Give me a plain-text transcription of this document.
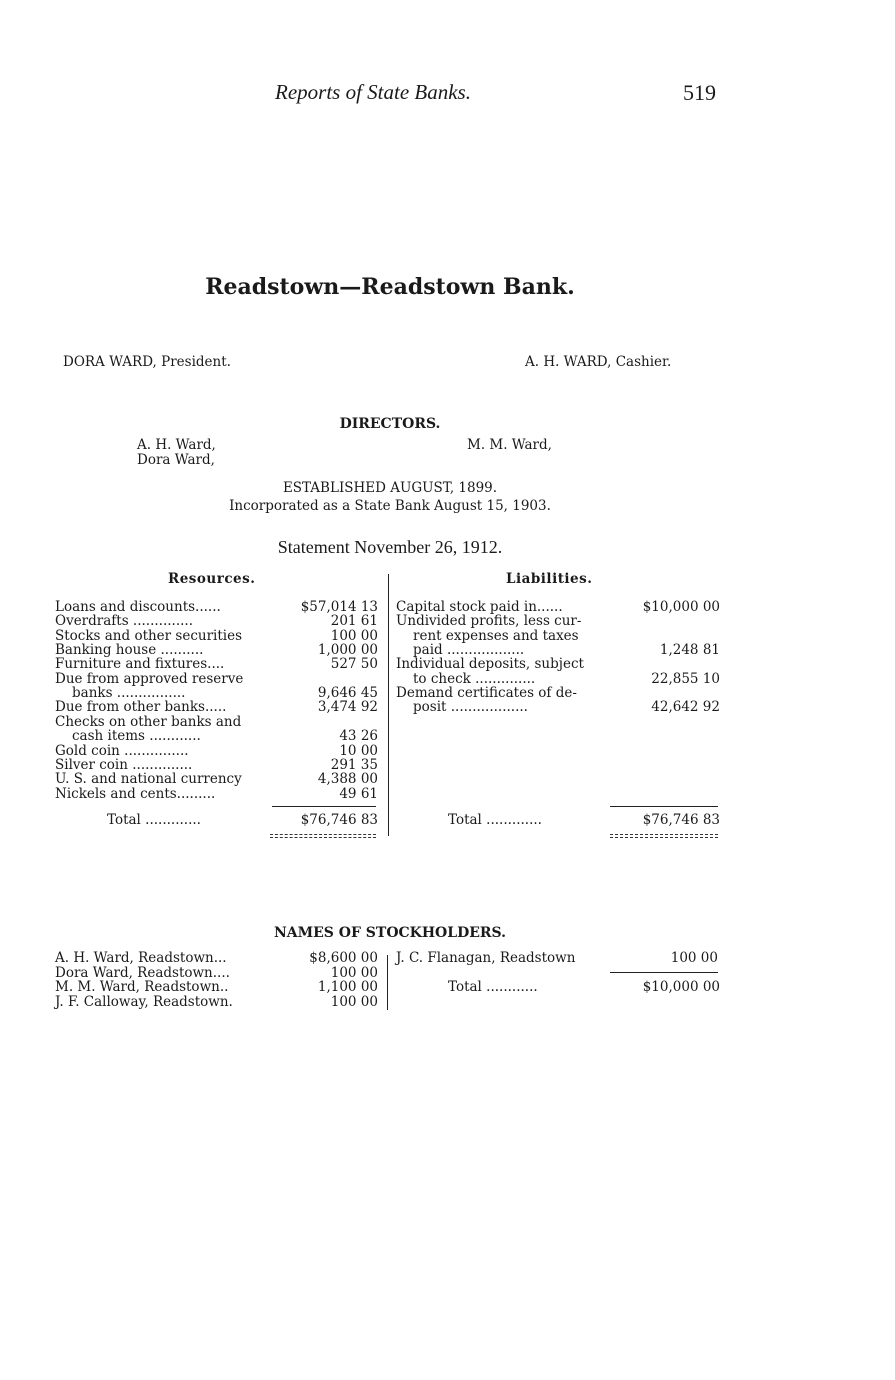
Reports of State Banks.	519
Readstown—Readstown Bank.
DORA WARD, President.	A. H. WARD, Cashier.
DIRECTORS.
A. H. Ward,
Dora Ward,
M. M. Ward,
ESTABLISHED AUGUST, 1899.
Incorporated as a State Bank August 15, 1903.
Statement November 26, 1912.
Resources.	Liabilities.
Loans and discounts......	$57,014 13
Overdrafts ..............	201 61
Stocks and other securities	100 00
Banking house ..........	1,000 00
Furniture and fixtures....	527 50
Due from approved reserve
banks ................	9,646 45
Due from other banks.....	3,474 92
Checks on other banks and
cash items ............	43 26
Gold coin ...............	10 00
Silver coin ..............	291 35
U. S. and national currency	4,388 00
Nickels and cents.........	49 61
Capital stock paid in......	$10,000 00
Undivided profits, less cur-
rent expenses and taxes
paid ..................	1,248 81
Individual deposits, subject
to check ..............	22,855 10
Demand certificates of de-
posit ..................	42,642 92
Total .............	$76,746 83	Total .............	$76,746 83
NAMES OF STOCKHOLDERS.
A. H. Ward, Readstown...	$8,600 00
Dora Ward, Readstown....	100 00
M. M. Ward, Readstown..	1,100 00
J. F. Calloway, Readstown.	100 00
J. C. Flanagan, Readstown	100 00
Total ............	$10,000 00
